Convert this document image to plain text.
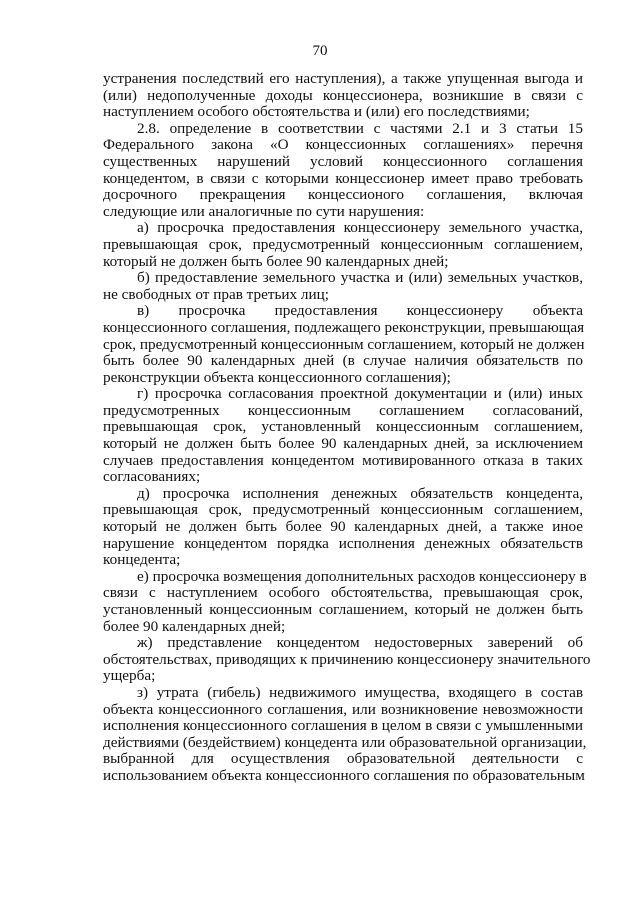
70
устранения последствий его наступления), а также упущенная выгода и
(или) недополученные доходы концессионера, возникшие в связи с
наступлением особого обстоятельства и (или) его последствиями;
2.8. определение в соответствии с частями 2.1 и 3 статьи 15
Федерального закона «О концессионных соглашениях» перечня
существенных нарушений условий концессионного соглашения
концедентом, в связи с которыми концессионер имеет право требовать
досрочного прекращения концессионого соглашения, включая
следующие или аналогичные по сути нарушения:
а) просрочка предоставления концессионеру земельного участка,
превышающая срок, предусмотренный концессионным соглашением,
который не должен быть более 90 календарных дней;
б) предоставление земельного участка и (или) земельных участков,
не свободных от прав третьих лиц;
в) просрочка предоставления концессионеру объекта
концессионного соглашения, подлежащего реконструкции, превышающая
срок, предусмотренный концессионным соглашением, который не должен
быть более 90 календарных дней (в случае наличия обязательств по
реконструкции объекта концессионного соглашения);
г) просрочка согласования проектной документации и (или) иных
предусмотренных концессионным соглашением согласований,
превышающая срок, установленный концессионным соглашением,
который не должен быть более 90 календарных дней, за исключением
случаев предоставления концедентом мотивированного отказа в таких
согласованиях;
д) просрочка исполнения денежных обязательств концедента,
превышающая срок, предусмотренный концессионным соглашением,
который не должен быть более 90 календарных дней, а также иное
нарушение концедентом порядка исполнения денежных обязательств
концедента;
е) просрочка возмещения дополнительных расходов концессионеру в
связи с наступлением особого обстоятельства, превышающая срок,
установленный концессионным соглашением, который не должен быть
более 90 календарных дней;
ж) представление концедентом недостоверных заверений об
обстоятельствах, приводящих к причинению концессионеру значительного
ущерба;
з) утрата (гибель) недвижимого имущества, входящего в состав
объекта концессионного соглашения, или возникновение невозможности
исполнения концессионного соглашения в целом в связи с умышленными
действиями (бездействием) концедента или образовательной организации,
выбранной для осуществления образовательной деятельности с
использованием объекта концессионного соглашения по образовательным
